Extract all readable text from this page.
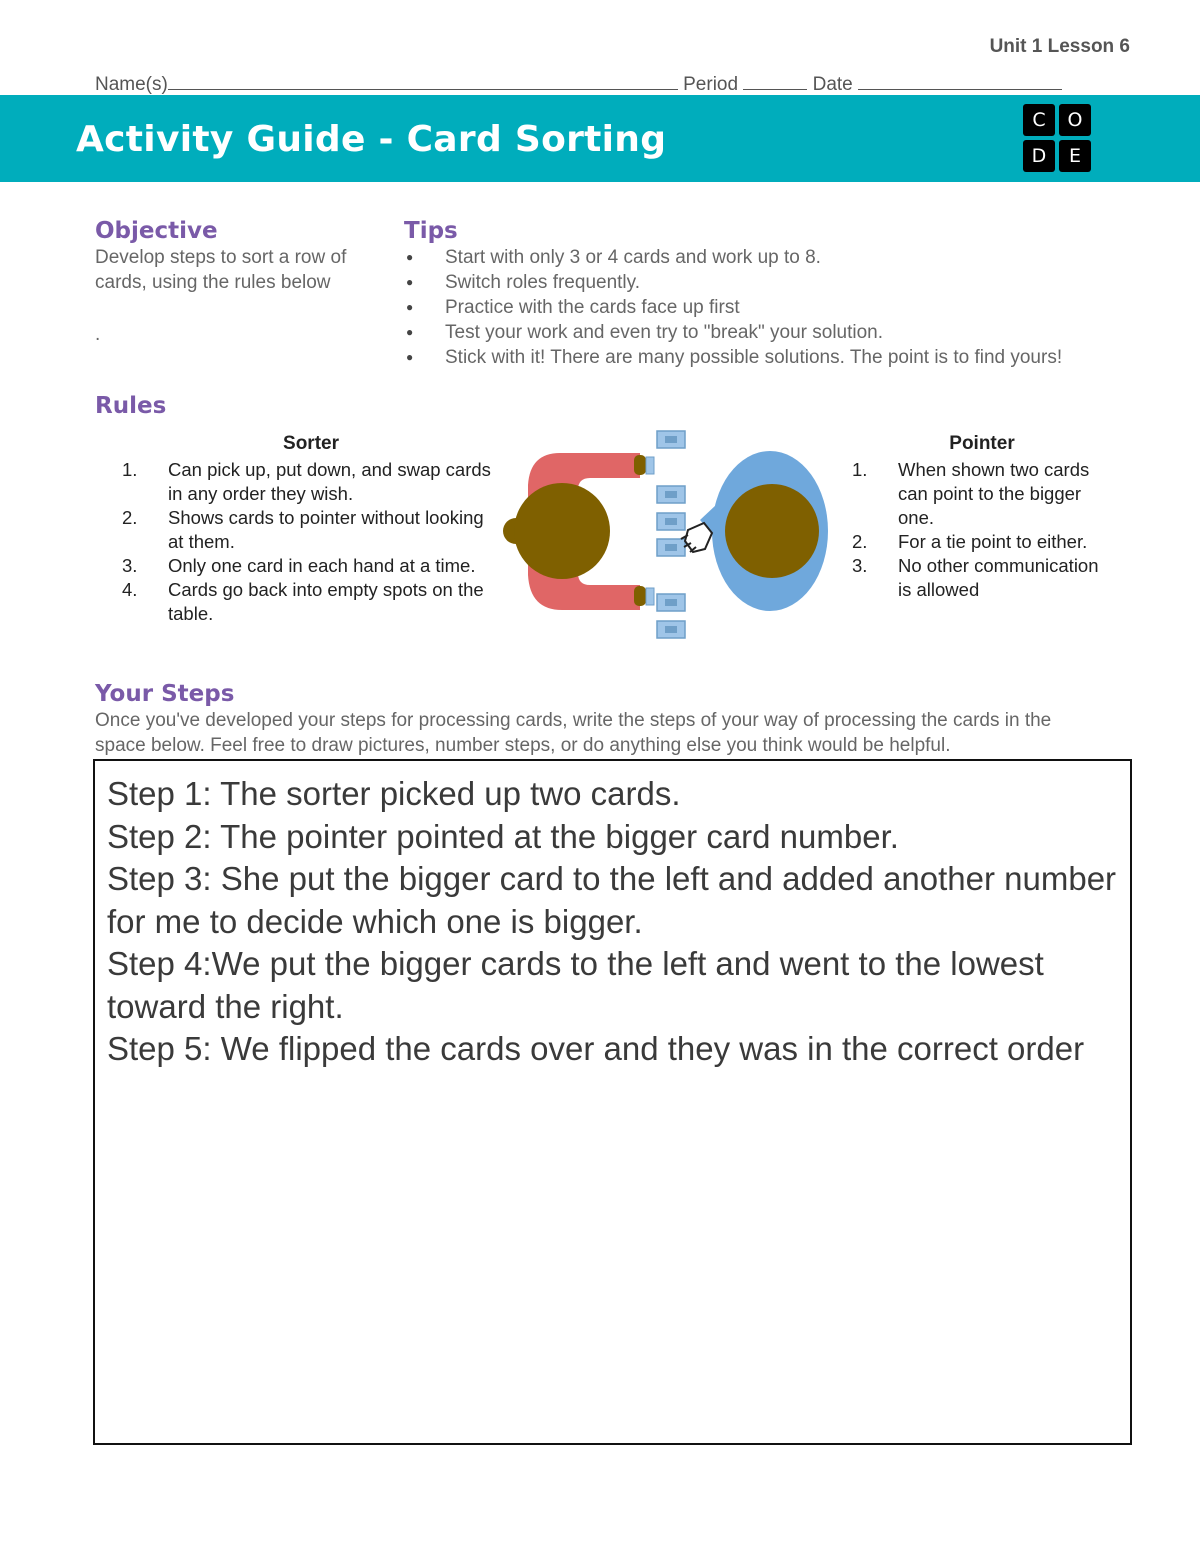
Unit 1 Lesson 6
Name(s)	Period	Date
C	O
D	E
Activity Guide - Card Sorting
Objective
Develop steps to sort a row of cards, using the rules below
.
Tips
● Start with only 3 or 4 cards and work up to 8.
● Switch roles frequently.
● Practice with the cards face up first
● Test your work and even try to "break" your solution.
● Stick with it! There are many possible solutions. The point is to find yours!
Rules
Sorter
1. Can pick up, put down, and swap cards in any order they wish.
2. Shows cards to pointer without looking at them.
3. Only one card in each hand at a time.
4. Cards go back into empty spots on the table.
Pointer
1. When shown two cards can point to the bigger one.
2. For a tie point to either.
3. No other communication is allowed
Your Steps
Once you've developed your steps for processing cards, write the steps of your way of processing the cards in the space below. Feel free to draw pictures, number steps, or do anything else you think would be helpful.
Step 1: The sorter picked up two cards.
Step 2: The pointer pointed at the bigger card number.
Step 3: She put the bigger card to the left and added another number for me to decide which one is bigger.
Step 4:We put the bigger cards to the left and went to the lowest toward the right.
Step 5: We flipped the cards over and they was in the correct order
